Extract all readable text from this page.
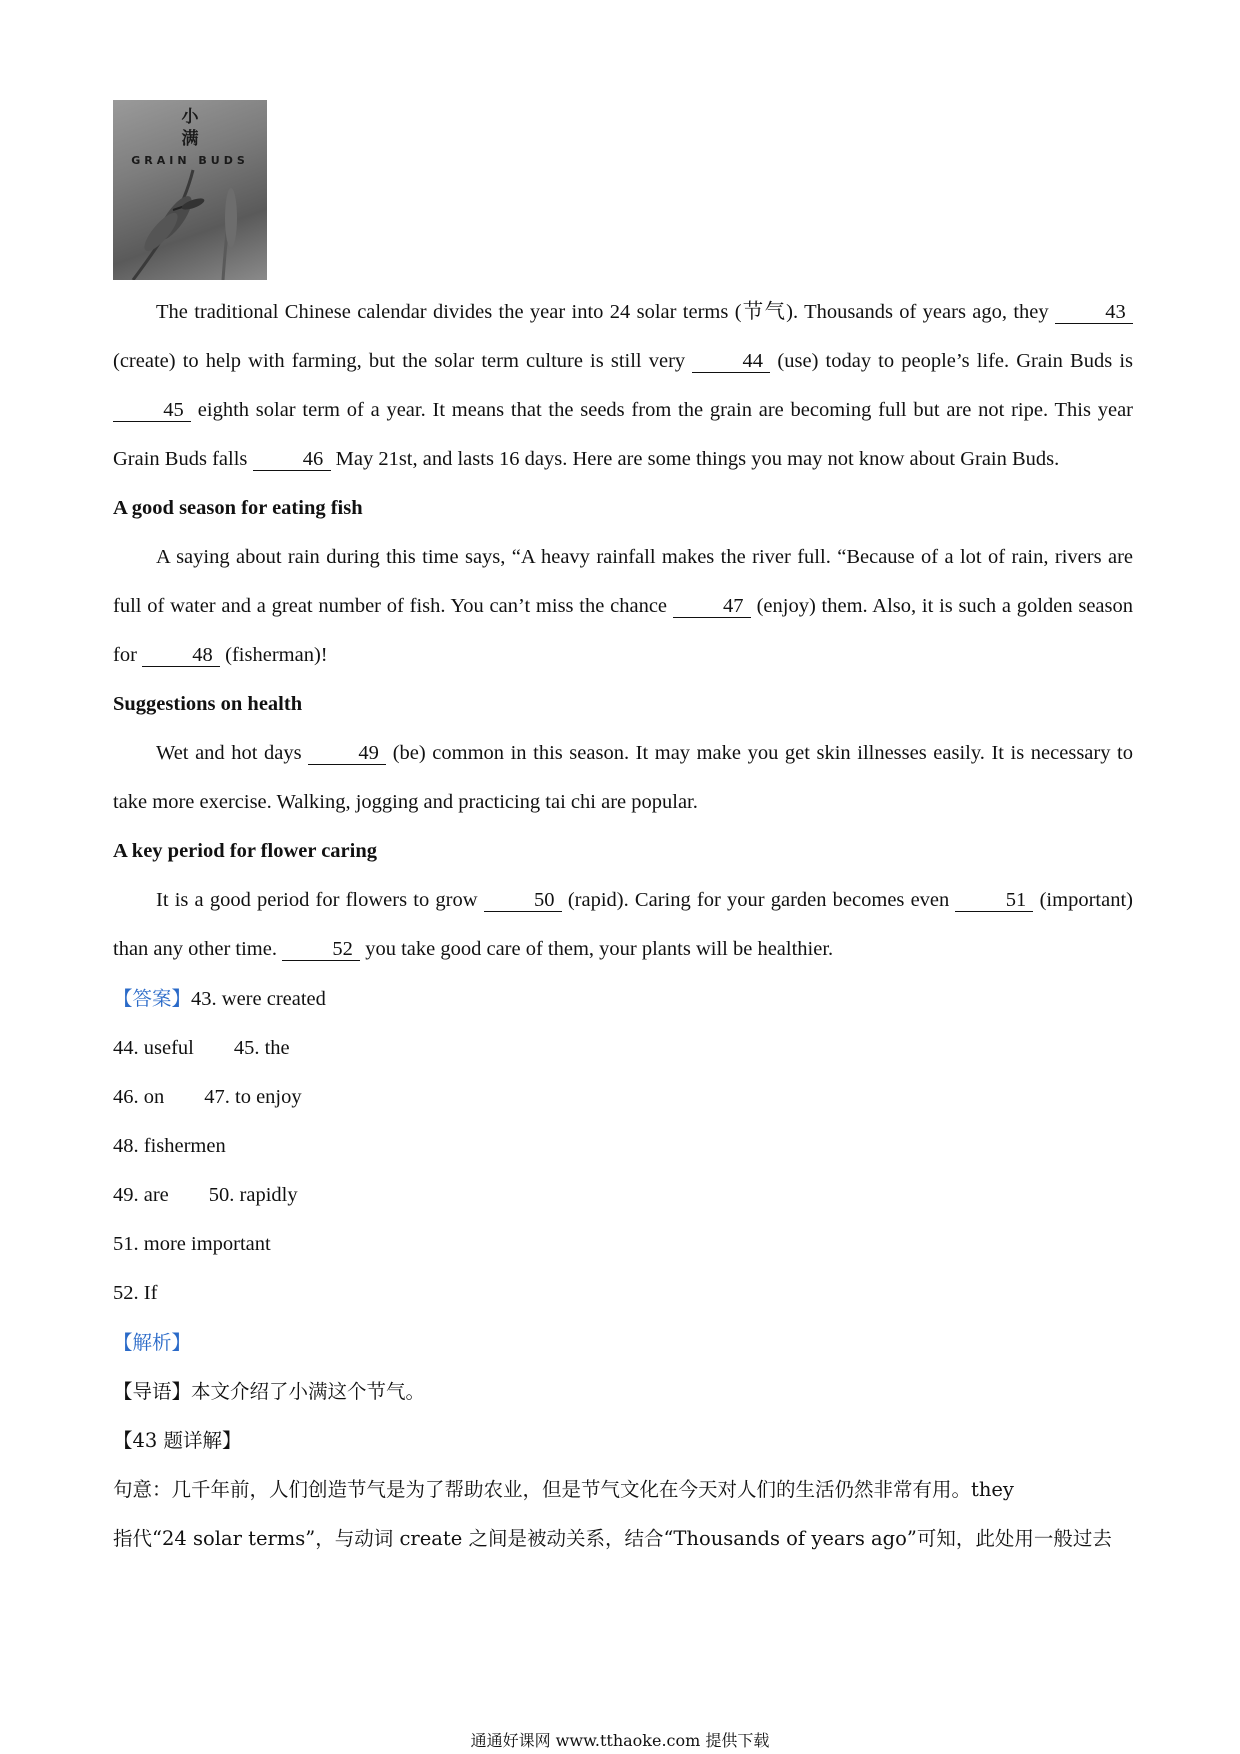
小
满
GRAIN BUDS

The traditional Chinese calendar divides the year into 24 solar terms (节气). Thousands of years ago, they 43 (create) to help with farming, but the solar term culture is still very 44 (use) today to people’s life. Grain Buds is 45 eighth solar term of a year. It means that the seeds from the grain are becoming full but are not ripe. This year Grain Buds falls 46 May 21st, and lasts 16 days. Here are some things you may not know about Grain Buds.

A good season for eating fish

A saying about rain during this time says, “A heavy rainfall makes the river full. “Because of a lot of rain, rivers are full of water and a great number of fish. You can’t miss the chance 47 (enjoy) them. Also, it is such a golden season for 48 (fisherman)!

Suggestions on health

Wet and hot days 49 (be) common in this season. It may make you get skin illnesses easily. It is necessary to take more exercise. Walking, jogging and practicing tai chi are popular.

A key period for flower caring

It is a good period for flowers to grow 50 (rapid). Caring for your garden becomes even 51 (important) than any other time. 52 you take good care of them, your plants will be healthier.

【答案】43. were created
44. useful 45. the
46. on 47. to enjoy
48. fishermen
49. are 50. rapidly
51. more important
52. If
【解析】
【导语】本文介绍了小满这个节气。
【43 题详解】
句意：几千年前，人们创造节气是为了帮助农业，但是节气文化在今天对人们的生活仍然非常有用。they
指代“24 solar terms”，与动词 create 之间是被动关系，结合“Thousands of years ago”可知，此处用一般过去
通通好课网 www.tthaoke.com 提供下载
